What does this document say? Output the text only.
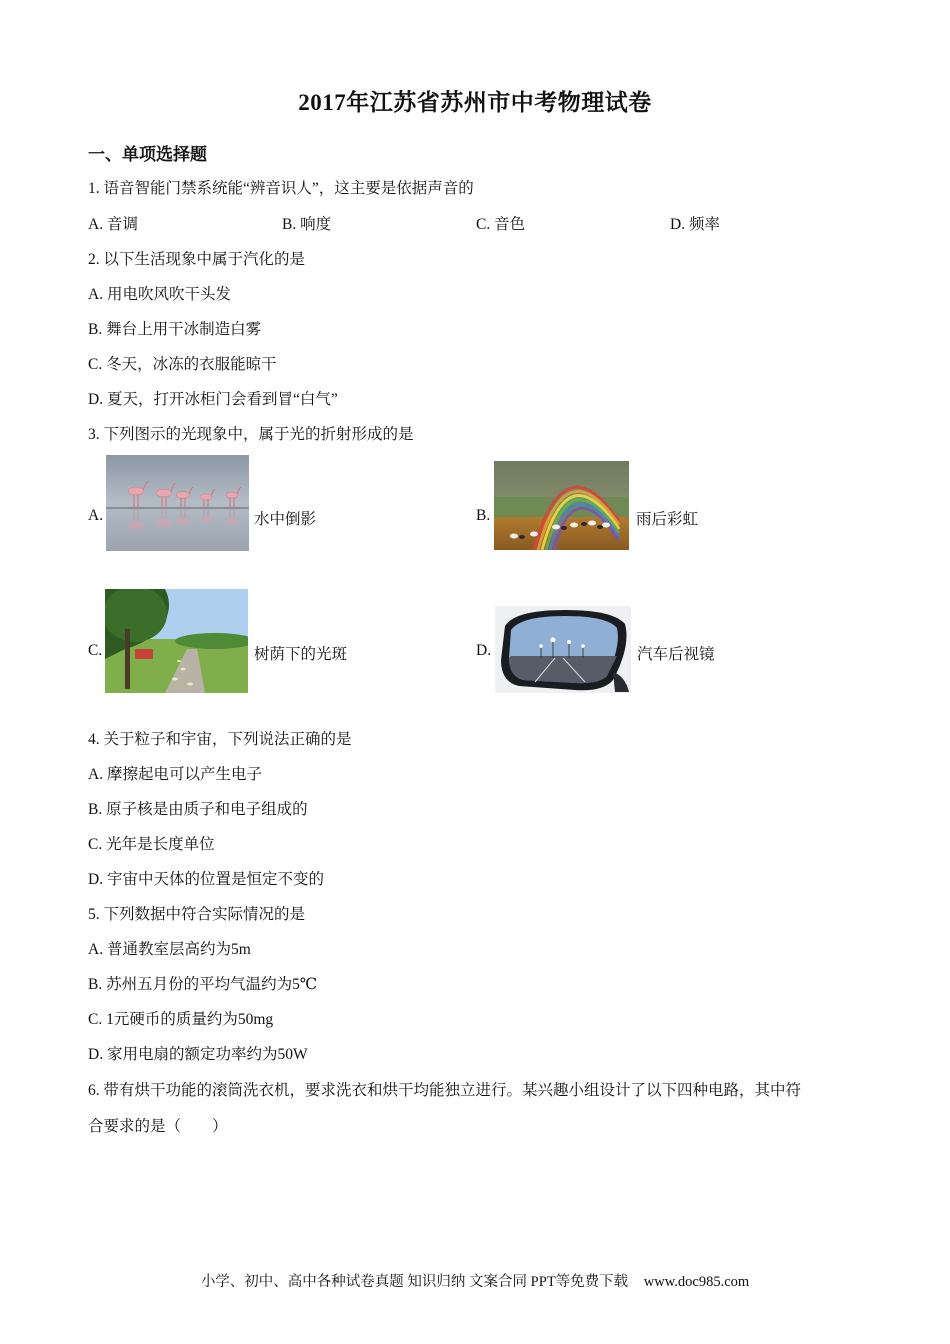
2017年江苏省苏州市中考物理试卷
一、单项选择题
1. 语音智能门禁系统能“辨音识人”，这主要是依据声音的
A. 音调	B. 响度	C. 音色	D. 频率
2. 以下生活现象中属于汽化的是
A. 用电吹风吹干头发
B. 舞台上用干冰制造白雾
C. 冬天，冰冻的衣服能晾干
D. 夏天，打开冰柜门会看到冒“白气”
3. 下列图示的光现象中，属于光的折射形成的是
A.	水中倒影	B.	雨后彩虹
C.	树荫下的光斑	D.	汽车后视镜
4. 关于粒子和宇宙，下列说法正确的是
A. 摩擦起电可以产生电子
B. 原子核是由质子和电子组成的
C. 光年是长度单位
D. 宇宙中天体的位置是恒定不变的
5. 下列数据中符合实际情况的是
A. 普通教室层高约为5m
B. 苏州五月份的平均气温约为5℃
C. 1元硬币的质量约为50mg
D. 家用电扇的额定功率约为50W
6. 带有烘干功能的滚筒洗衣机，要求洗衣和烘干均能独立进行。某兴趣小组设计了以下四种电路，其中符
合要求的是（　　）
小学、初中、高中各种试卷真题 知识归纳 文案合同 PPT等免费下载 www.doc985.com
